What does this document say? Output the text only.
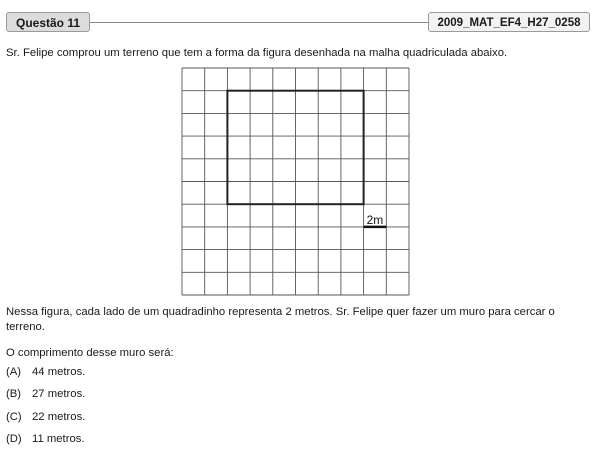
Questão 11	2009_MAT_EF4_H27_0258
Sr. Felipe comprou um terreno que tem a forma da figura desenhada na malha quadriculada abaixo.
2m
Nessa figura, cada lado de um quadradinho representa 2 metros. Sr. Felipe quer fazer um muro para cercar o terreno.
O comprimento desse muro será:
(A) 44 metros.
(B) 27 metros.
(C) 22 metros.
(D) 11 metros.
